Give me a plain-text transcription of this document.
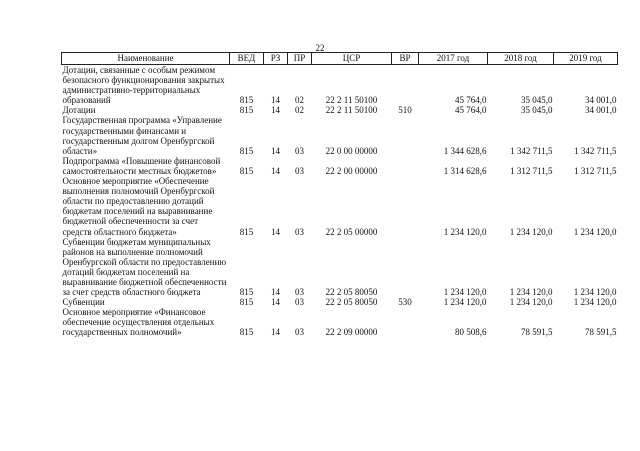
22
Наименование	ВЕД	РЗ	ПР	ЦСР	ВР	2017 год	2018 год	2019 год
Дотации, связанные с особым режимом безопасного функционирования закрытых административно-территориальных образований	815	14	02	22 2 11 50100		45 764,0	35 045,0	34 001,0
Дотации	815	14	02	22 2 11 50100	510	45 764,0	35 045,0	34 001,0
Государственная программа «Управление государственными финансами и государственным долгом Оренбургской области»	815	14	03	22 0 00 00000		1 344 628,6	1 342 711,5	1 342 711,5
Подпрограмма «Повышение финансовой самостоятельности местных бюджетов»	815	14	03	22 2 00 00000		1 314 628,6	1 312 711,5	1 312 711,5
Основное мероприятие «Обеспечение выполнения полномочий Оренбургской области по предоставлению дотаций бюджетам поселений на выравнивание бюджетной обеспеченности за счет средств областного бюджета»	815	14	03	22 2 05 00000		1 234 120,0	1 234 120,0	1 234 120,0
Субвенции бюджетам муниципальных районов на выполнение полномочий Оренбургской области по предоставлению дотаций бюджетам поселений на выравнивание бюджетной обеспеченности за счет средств областного бюджета	815	14	03	22 2 05 80050		1 234 120,0	1 234 120,0	1 234 120,0
Субвенции	815	14	03	22 2 05 80050	530	1 234 120,0	1 234 120,0	1 234 120,0
Основное мероприятие «Финансовое обеспечение осуществления отдельных государственных полномочий»	815	14	03	22 2 09 00000		80 508,6	78 591,5	78 591,5
